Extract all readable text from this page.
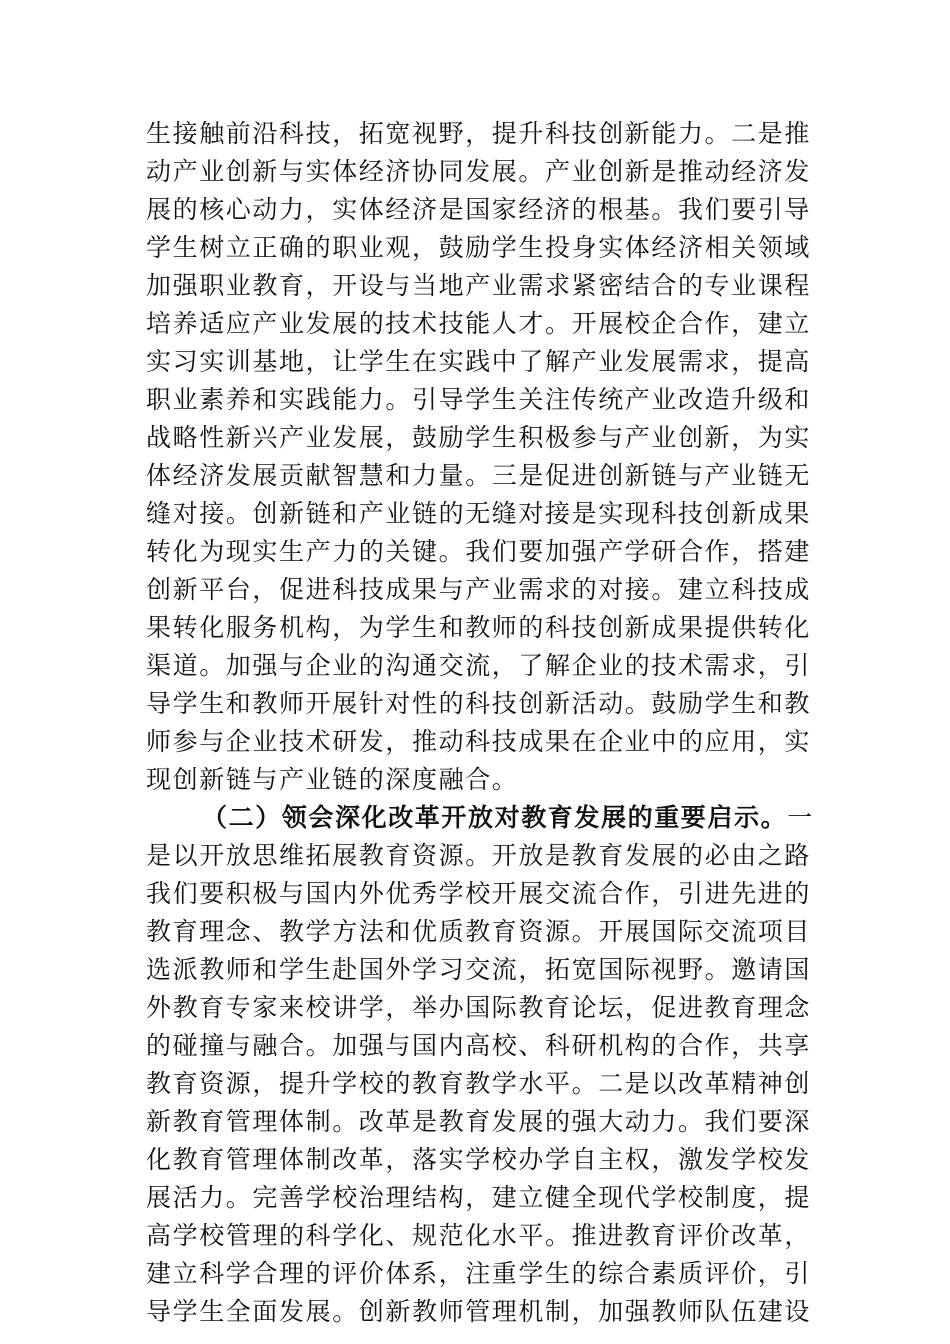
生接触前沿科技，拓宽视野，提升科技创新能力。二是推
动产业创新与实体经济协同发展。产业创新是推动经济发
展的核心动力，实体经济是国家经济的根基。我们要引导
学生树立正确的职业观，鼓励学生投身实体经济相关领域
加强职业教育，开设与当地产业需求紧密结合的专业课程
培养适应产业发展的技术技能人才。开展校企合作，建立
实习实训基地，让学生在实践中了解产业发展需求，提高
职业素养和实践能力。引导学生关注传统产业改造升级和
战略性新兴产业发展，鼓励学生积极参与产业创新，为实
体经济发展贡献智慧和力量。三是促进创新链与产业链无
缝对接。创新链和产业链的无缝对接是实现科技创新成果
转化为现实生产力的关键。我们要加强产学研合作，搭建
创新平台，促进科技成果与产业需求的对接。建立科技成
果转化服务机构，为学生和教师的科技创新成果提供转化
渠道。加强与企业的沟通交流，了解企业的技术需求，引
导学生和教师开展针对性的科技创新活动。鼓励学生和教
师参与企业技术研发，推动科技成果在企业中的应用，实
现创新链与产业链的深度融合。
（二）领会深化改革开放对教育发展的重要启示。一
是以开放思维拓展教育资源。开放是教育发展的必由之路
我们要积极与国内外优秀学校开展交流合作，引进先进的
教育理念、教学方法和优质教育资源。开展国际交流项目
选派教师和学生赴国外学习交流，拓宽国际视野。邀请国
外教育专家来校讲学，举办国际教育论坛，促进教育理念
的碰撞与融合。加强与国内高校、科研机构的合作，共享
教育资源，提升学校的教育教学水平。二是以改革精神创
新教育管理体制。改革是教育发展的强大动力。我们要深
化教育管理体制改革，落实学校办学自主权，激发学校发
展活力。完善学校治理结构，建立健全现代学校制度，提
高学校管理的科学化、规范化水平。推进教育评价改革，
建立科学合理的评价体系，注重学生的综合素质评价，引
导学生全面发展。创新教师管理机制，加强教师队伍建设
